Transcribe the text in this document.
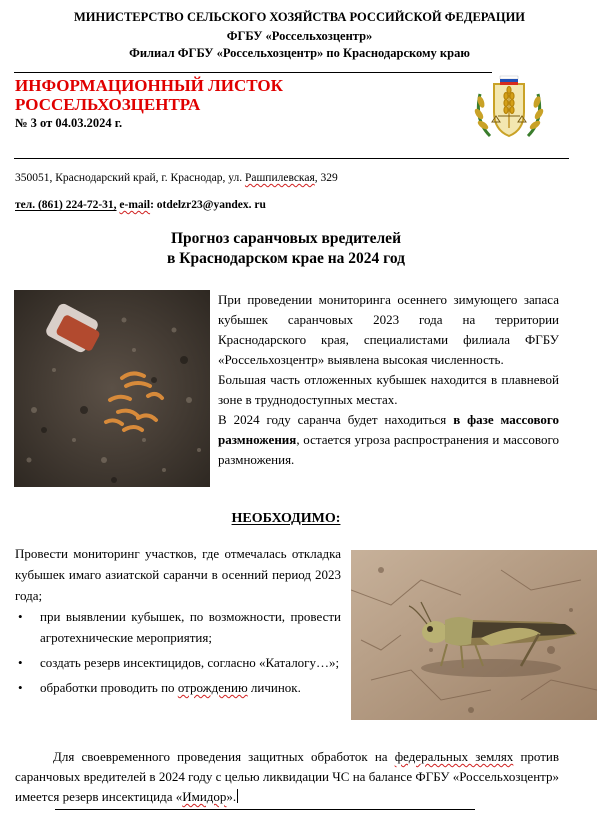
МИНИСТЕРСТВО СЕЛЬСКОГО ХОЗЯЙСТВА РОССИЙСКОЙ ФЕДЕРАЦИИ
ФГБУ «Россельхозцентр»
Филиал ФГБУ «Россельхозцентр» по Краснодарскому краю
ИНФОРМАЦИОННЫЙ ЛИСТОК
РОССЕЛЬХОЗЦЕНТРА
№ 3 от 04.03.2024 г.
350051, Краснодарский край, г. Краснодар, ул. Рашпилевская, 329
тел. (861) 224-72-31, e-mail: otdelzr23@yandex. ru
Прогноз саранчовых вредителей
в Краснодарском крае на 2024 год
При проведении мониторинга осеннего зимующего запаса кубышек саранчовых 2023 года на территории Краснодарского края, специалистами филиала ФГБУ «Россельхозцентр» выявлена высокая численность.
Большая часть отложенных кубышек находится в плавневой зоне в труднодоступных местах.
В 2024 году саранча будет находиться в фазе массового размножения, остается угроза распространения и массового размножения.
НЕОБХОДИМО:
Провести мониторинг участков, где отмечалась откладка кубышек имаго азиатской саранчи в осенний период 2023 года;
• при выявлении кубышек, по возможности, провести агротехнические мероприятия;
• создать резерв инсектицидов, согласно «Каталогу…»;
• обработки проводить по отрождению личинок.
Для своевременного проведения защитных обработок на федеральных землях против саранчовых вредителей в 2024 году с целью ликвидации ЧС на балансе ФГБУ «Россельхозцентр» имеется резерв инсектицида «Имидор».
